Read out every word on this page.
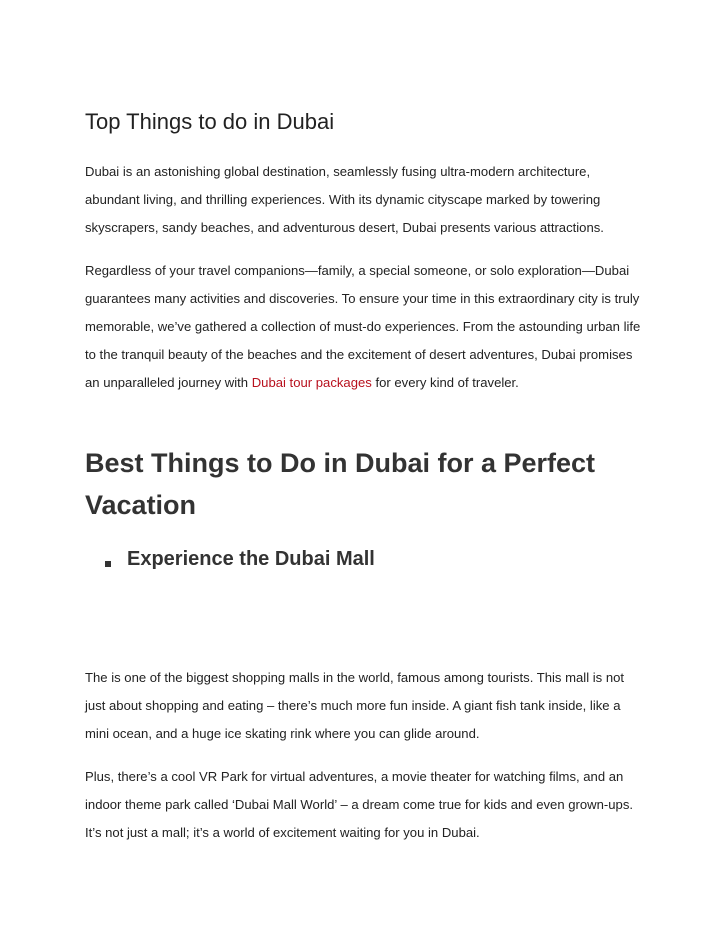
Top Things to do in Dubai

Dubai is an astonishing global destination, seamlessly fusing ultra-modern architecture, abundant living, and thrilling experiences. With its dynamic cityscape marked by towering skyscrapers, sandy beaches, and adventurous desert, Dubai presents various attractions.

Regardless of your travel companions—family, a special someone, or solo exploration—Dubai guarantees many activities and discoveries. To ensure your time in this extraordinary city is truly memorable, we’ve gathered a collection of must-do experiences. From the astounding urban life to the tranquil beauty of the beaches and the excitement of desert adventures, Dubai promises an unparalleled journey with Dubai tour packages for every kind of traveler.

Best Things to Do in Dubai for a Perfect Vacation
Experience the Dubai Mall

The is one of the biggest shopping malls in the world, famous among tourists. This mall is not just about shopping and eating – there’s much more fun inside. A giant fish tank inside, like a mini ocean, and a huge ice skating rink where you can glide around.

Plus, there’s a cool VR Park for virtual adventures, a movie theater for watching films, and an indoor theme park called ‘Dubai Mall World’ – a dream come true for kids and even grown-ups. It’s not just a mall; it’s a world of excitement waiting for you in Dubai.
